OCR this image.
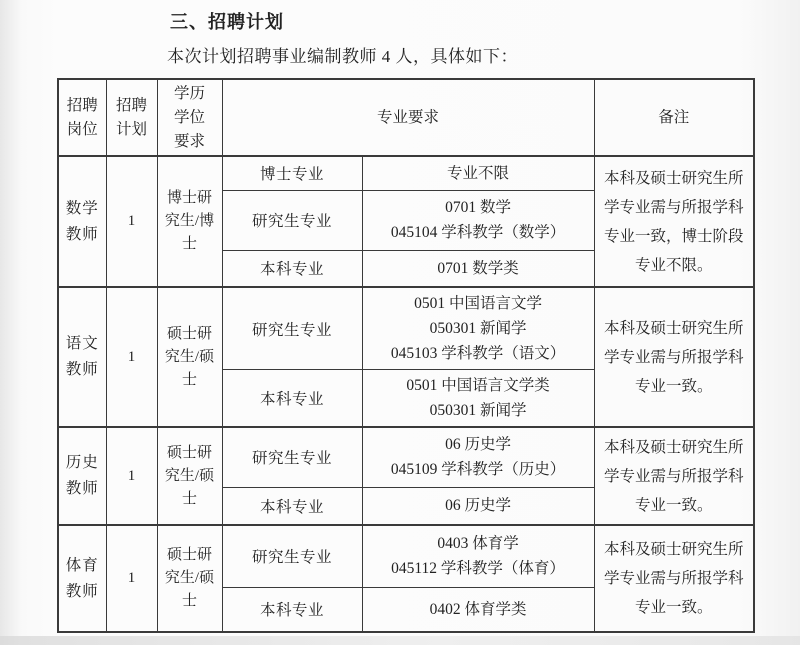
三、招聘计划
本次计划招聘事业编制教师 4 人，具体如下：
招聘岗位	招聘计划	学历学位要求	专业要求		备注
数学教师	1	博士研究生/博士	博士专业	专业不限	本科及硕士研究生所学专业需与所报学科专业一致，博士阶段专业不限。
			研究生专业	0701 数学
045104 学科教学（数学）	

			本科专业	0701 数学类	

语文教师	1	硕士研究生/硕士	研究生专业	0501 中国语言文学
050301 新闻学
045103 学科教学（语文）	本科及硕士研究生所学专业需与所报学科专业一致。
			本科专业	0501 中国语言文学类
050301 新闻学	

历史教师	1	硕士研究生/硕士	研究生专业	06 历史学
045109 学科教学（历史）	本科及硕士研究生所学专业需与所报学科专业一致。
			本科专业	06 历史学	

体育教师	1	硕士研究生/硕士	研究生专业	0403 体育学
045112 学科教学（体育）	本科及硕士研究生所学专业需与所报学科专业一致。
			本科专业	0402 体育学类	
